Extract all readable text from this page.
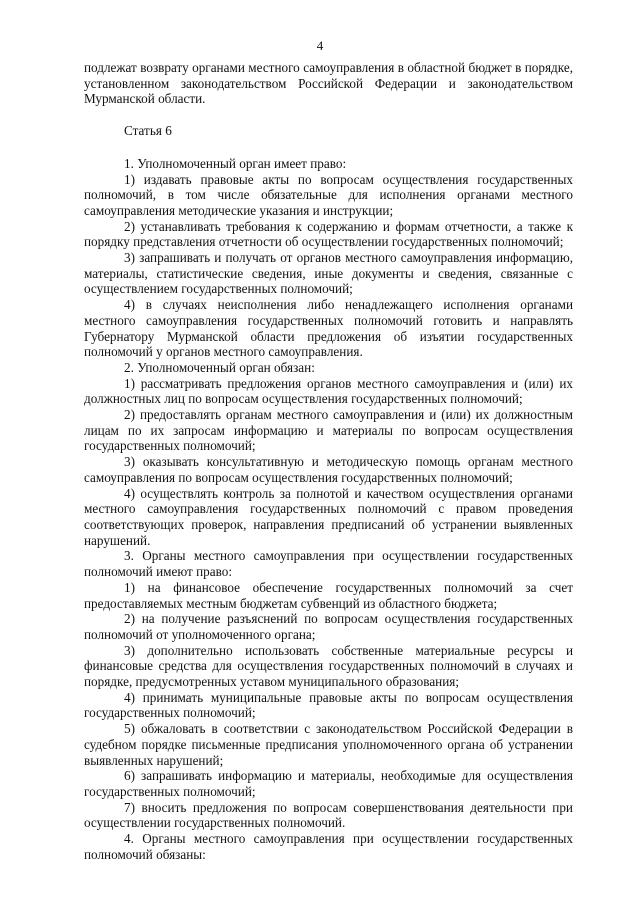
4

подлежат возврату органами местного самоуправления в областной бюджет в порядке, установленном законодательством Российской Федерации и законодательством Мурманской области.

Статья 6

1. Уполномоченный орган имеет право:

1) издавать правовые акты по вопросам осуществления государственных полномочий, в том числе обязательные для исполнения органами местного самоуправления методические указания и инструкции;

2) устанавливать требования к содержанию и формам отчетности, а также к порядку представления отчетности об осуществлении государственных полномочий;

3) запрашивать и получать от органов местного самоуправления информацию, материалы, статистические сведения, иные документы и сведения, связанные с осуществлением государственных полномочий;

4) в случаях неисполнения либо ненадлежащего исполнения органами местного самоуправления государственных полномочий готовить и направлять Губернатору Мурманской области предложения об изъятии государственных полномочий у органов местного самоуправления.

2. Уполномоченный орган обязан:

1) рассматривать предложения органов местного самоуправления и (или) их должностных лиц по вопросам осуществления государственных полномочий;

2) предоставлять органам местного самоуправления и (или) их должностным лицам по их запросам информацию и материалы по вопросам осуществления государственных полномочий;

3) оказывать консультативную и методическую помощь органам местного самоуправления по вопросам осуществления государственных полномочий;

4) осуществлять контроль за полнотой и качеством осуществления органами местного самоуправления государственных полномочий с правом проведения соответствующих проверок, направления предписаний об устранении выявленных нарушений.

3. Органы местного самоуправления при осуществлении государственных полномочий имеют право:

1) на финансовое обеспечение государственных полномочий за счет предоставляемых местным бюджетам субвенций из областного бюджета;

2) на получение разъяснений по вопросам осуществления государственных полномочий от уполномоченного органа;

3) дополнительно использовать собственные материальные ресурсы и финансовые средства для осуществления государственных полномочий в случаях и порядке, предусмотренных уставом муниципального образования;

4) принимать муниципальные правовые акты по вопросам осуществления государственных полномочий;

5) обжаловать в соответствии с законодательством Российской Федерации в судебном порядке письменные предписания уполномоченного органа об устранении выявленных нарушений;

6) запрашивать информацию и материалы, необходимые для осуществления государственных полномочий;

7) вносить предложения по вопросам совершенствования деятельности при осуществлении государственных полномочий.

4. Органы местного самоуправления при осуществлении государственных полномочий обязаны:
